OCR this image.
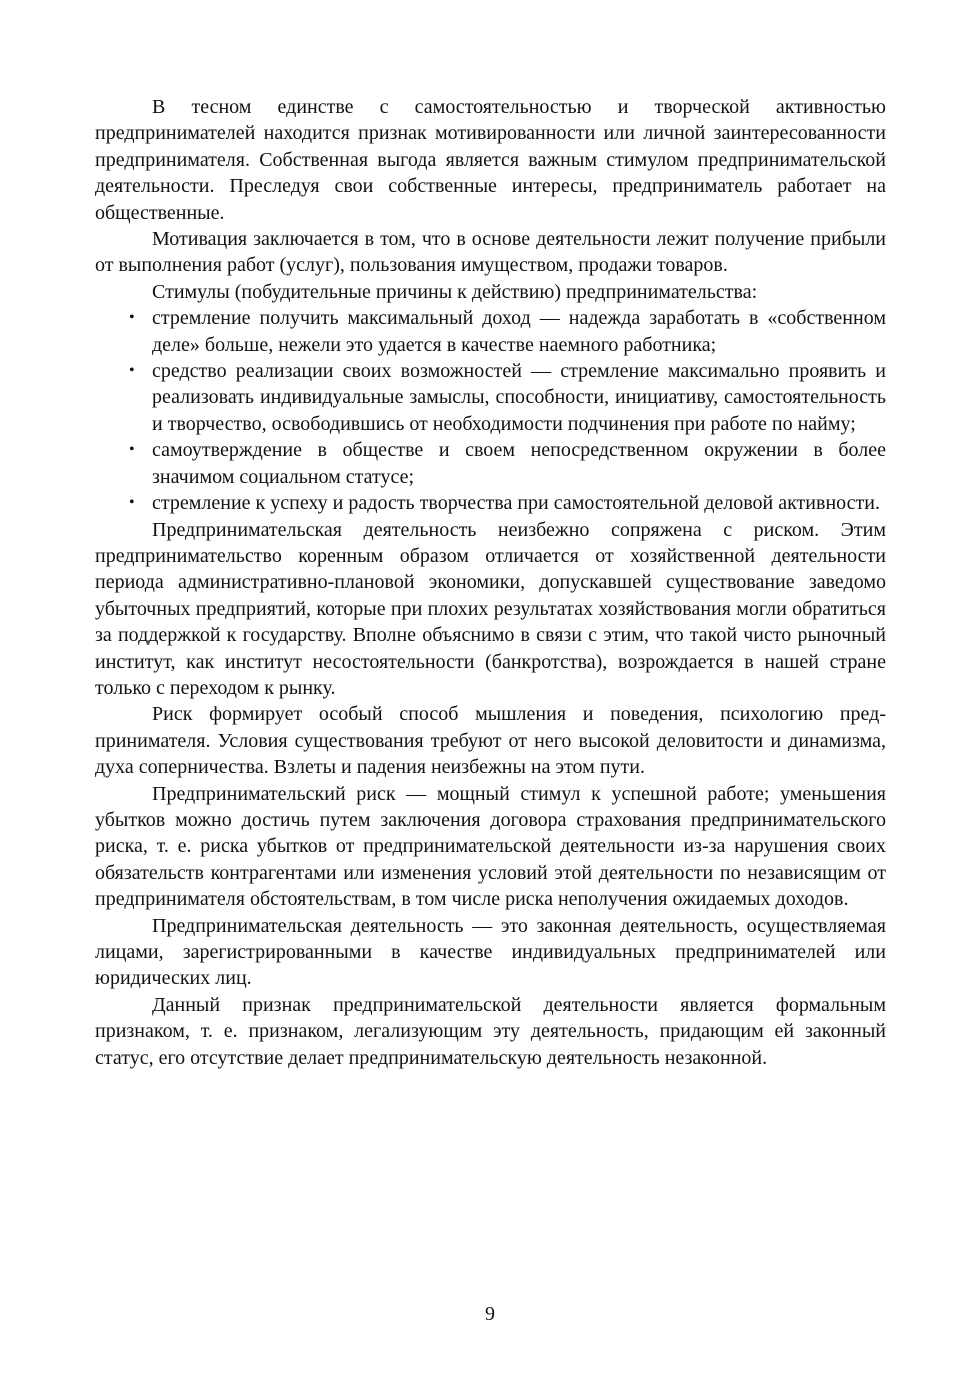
В тесном единстве с самостоятельностью и творческой активностью предпринимателей находится признак мотивированности или личной заинтересованности предпринимателя. Собственная выгода является важным стимулом предпринимательской деятельности. Преследуя свои собственные интересы, предприниматель работает на общественные.

Мотивация заключается в том, что в основе деятельности лежит получение прибыли от выполнения работ (услуг), пользования имуществом, продажи товаров.

Стимулы (побудительные причины к действию) предпринимательства:

• стремление получить максимальный доход — надежда заработать в «собственном деле» больше, нежели это удается в качестве наемного работника;
• средство реализации своих возможностей — стремление максимально проявить и реализовать индивидуальные замыслы, способности, инициативу, самостоятельность и творчество, освободившись от необходимости подчинения при работе по найму;
• самоутверждение в обществе и своем непосредственном окружении в более значимом социальном статусе;
• стремление к успеху и радость творчества при самостоятельной деловой активности.

Предпринимательская деятельность неизбежно сопряжена с риском. Этим предпринимательство коренным образом отличается от хозяйственной деятельности периода административно-плановой экономики, допускавшей существование заведомо убыточных предприятий, которые при плохих результатах хозяйствования могли обратиться за поддержкой к государству. Вполне объяснимо в связи с этим, что такой чисто рыночный институт, как институт несостоятельности (банкротства), возрождается в нашей стране только с переходом к рынку.

Риск формирует особый способ мышления и поведения, психологию предпринимателя. Условия существования требуют от него высокой деловитости и динамизма, духа соперничества. Взлеты и падения неизбежны на этом пути.

Предпринимательский риск — мощный стимул к успешной работе; уменьшения убытков можно достичь путем заключения договора страхования предпринимательского риска, т. е. риска убытков от предпринимательской деятельности из-за нарушения своих обязательств контрагентами или изменения условий этой деятельности по независящим от предпринимателя обстоятельствам, в том числе риска неполучения ожидаемых доходов.

Предпринимательская деятельность — это законная деятельность, осуществляемая лицами, зарегистрированными в качестве индивидуальных предпринимателей или юридических лиц.

Данный признак предпринимательской деятельности является формальным признаком, т. е. признаком, легализующим эту деятельность, придающим ей законный статус, его отсутствие делает предпринимательскую деятельность незаконной.

9
